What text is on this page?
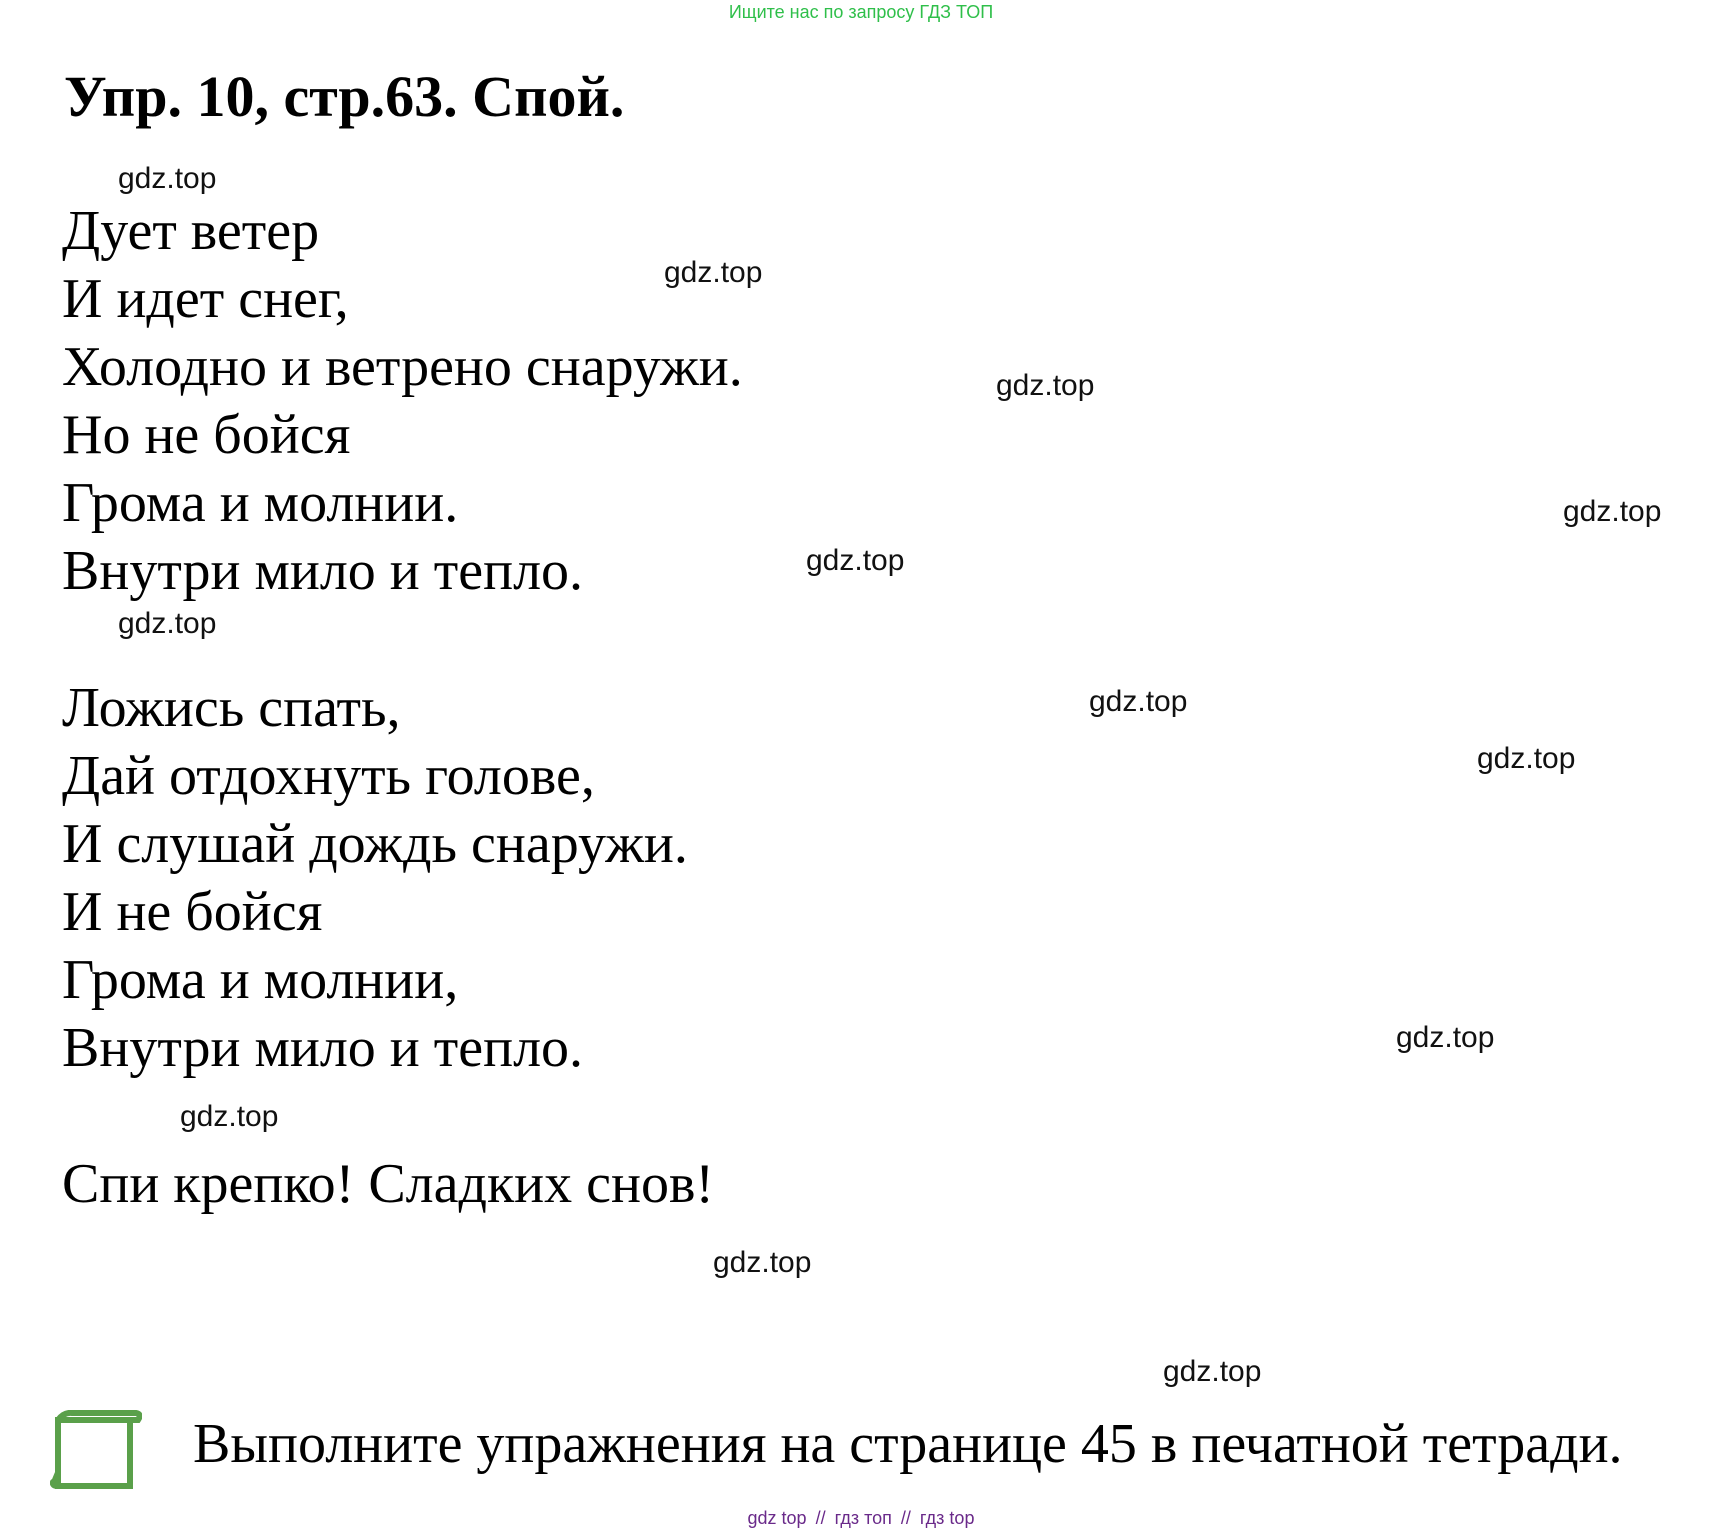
Ищите нас по запросу ГДЗ ТОП
Упр. 10, стр.63. Спой.
Дует ветер
И идет снег,
Холодно и ветрено снаружи.
Но не бойся
Грома и молнии.
Внутри мило и тепло.
Ложись спать,
Дай отдохнуть голове,
И слушай дождь снаружи.
И не бойся
Грома и молнии,
Внутри мило и тепло.
Спи крепко! Сладких снов!
gdz.top
gdz.top
gdz.top
gdz.top
gdz.top
gdz.top
gdz.top
gdz.top
gdz.top
gdz.top
gdz.top
gdz.top
Выполните упражнения на странице 45 в печатной тетради.
gdz top // гдз топ // гдз top
